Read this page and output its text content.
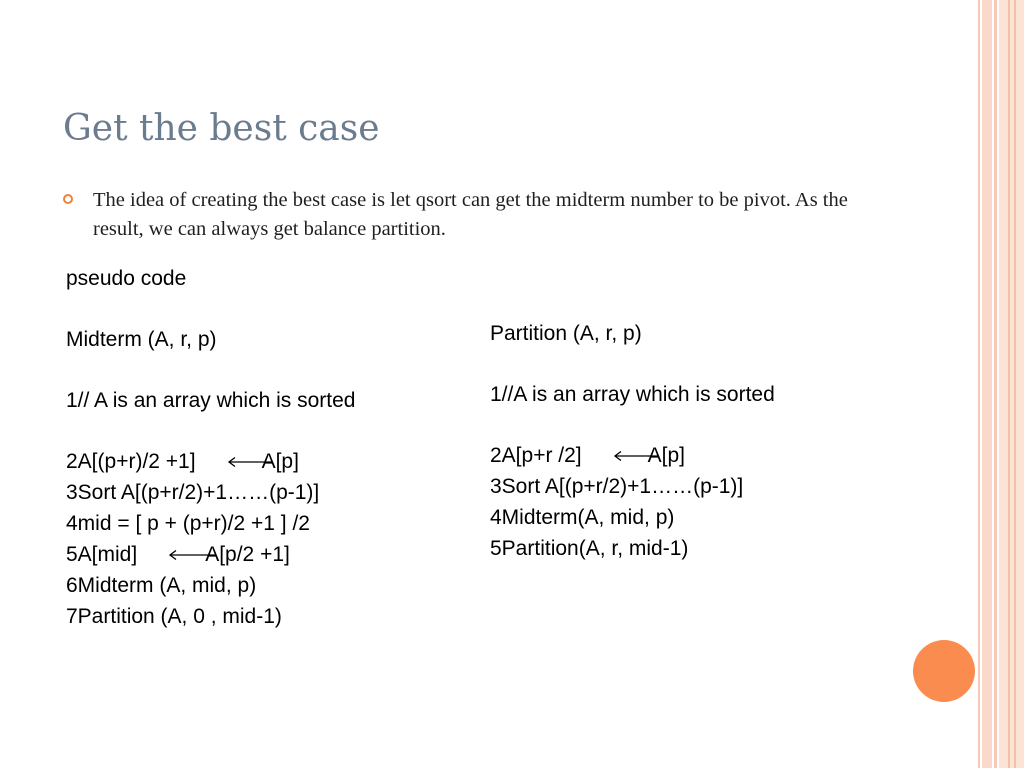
Get the best case
The idea of creating the best case is let qsort can get the midterm number to be pivot. As the result, we can always get balance partition.
pseudo code
Midterm (A, r, p)
1// A is an array which is sorted
2A[(p+r)/2 +1]	A[p]
3Sort A[(p+r/2)+1……(p-1)]
4mid = [ p + (p+r)/2 +1 ] /2
5A[mid]	A[p/2 +1]
6Midterm (A, mid, p)
7Partition (A, 0 , mid-1)
Partition (A, r, p)
1//A is an array which is sorted
2A[p+r /2]	A[p]
3Sort A[(p+r/2)+1……(p-1)]
4Midterm(A, mid, p)
5Partition(A, r, mid-1)
